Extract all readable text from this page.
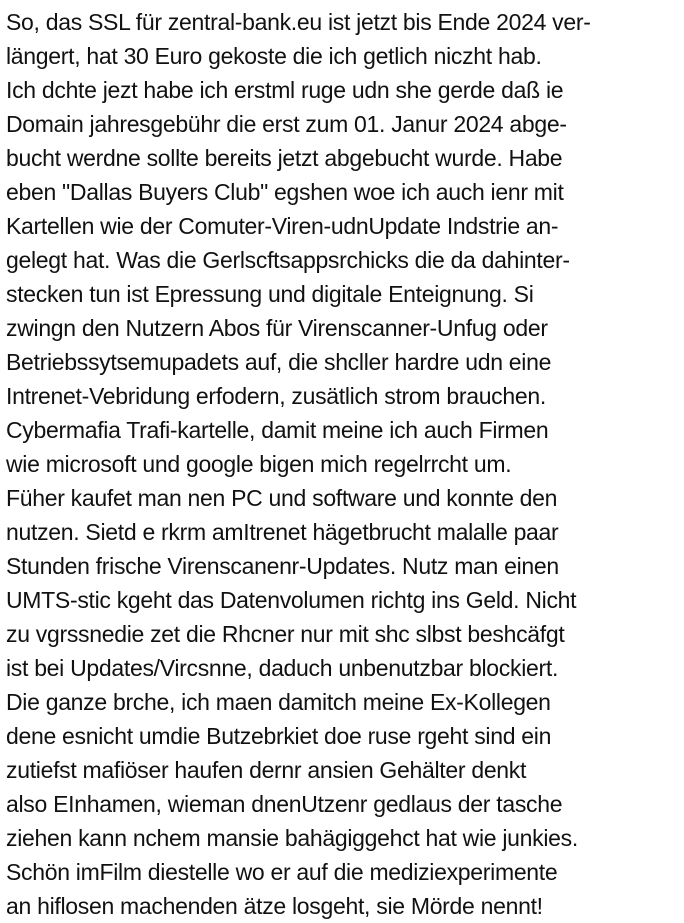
So, das SSL für zentral-bank.eu ist jetzt bis Ende 2024 ver-
längert, hat 30 Euro gekoste die ich getlich niczht hab.
Ich dchte jezt habe ich erstml ruge udn she gerde daß ie
Domain jahresgebühr die erst zum 01. Janur 2024 abge-
bucht werdne sollte bereits jetzt abgebucht wurde. Habe
eben "Dallas Buyers Club" egshen woe ich auch ienr mit
Kartellen wie der Comuter-Viren-udnUpdate Indstrie an-
gelegt hat. Was die Gerlscftsappsrchicks die da dahinter-
stecken tun ist Epressung und digitale Enteignung. Si
zwingn den Nutzern Abos für Virenscanner-Unfug oder
Betriebssytsemupadets auf, die shcller hardre udn eine
Intrenet-Vebridung erfodern, zusätlich strom brauchen.
Cybermafia Trafi-kartelle, damit meine ich auch Firmen
wie microsoft und google bigen mich regelrrcht um.
Füher kaufet man nen PC und software und konnte den
nutzen. Sietd e rkrm amItrenet hägetbrucht malalle paar
Stunden frische Virenscanenr-Updates. Nutz man einen
UMTS-stic kgeht das Datenvolumen richtg ins Geld. Nicht
zu vgrssnedie zet die Rhcner nur mit shc slbst beshcäfgt
ist bei Updates/Vircsnne, daduch unbenutzbar blockiert.
Die ganze brche, ich maen damitch meine Ex-Kollegen
dene esnicht umdie Butzebrkiet doe ruse rgeht sind ein
zutiefst mafiöser haufen dernr ansien Gehälter denkt
also EInhamen, wieman dnenUtzenr gedlaus der tasche
ziehen kann nchem mansie bahägiggehct hat wie junkies.
Schön imFilm diestelle wo er auf die mediziexperimente
an hiflosen machenden ätze losgeht, sie Mörde nennt!
